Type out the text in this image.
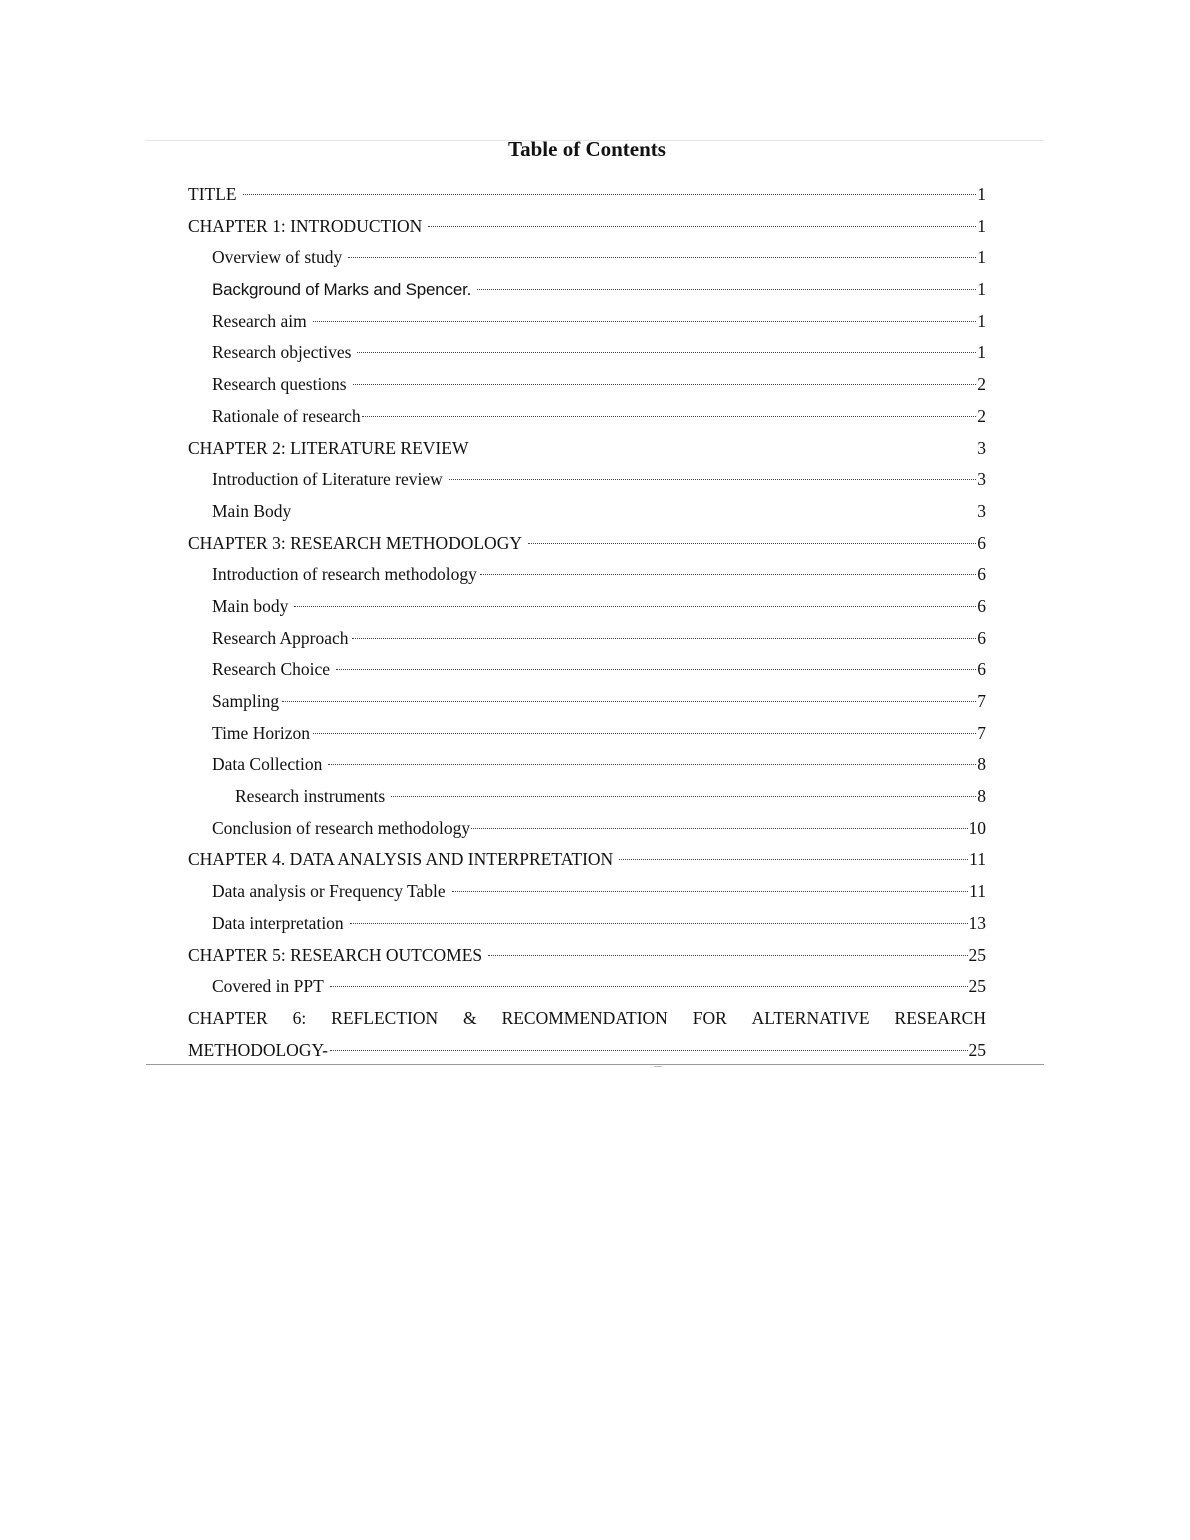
Table of Contents
TITLE	1
CHAPTER 1: INTRODUCTION	1
Overview of study	1
Background of Marks and Spencer.	1
Research aim	1
Research objectives	1
Research questions	2
Rationale of research	2
CHAPTER 2: LITERATURE REVIEW	3
Introduction of Literature review	3
Main Body	3
CHAPTER 3: RESEARCH METHODOLOGY	6
Introduction of research methodology	6
Main body	6
Research Approach	6
Research Choice	6
Sampling	7
Time Horizon	7
Data Collection	8
Research instruments	8
Conclusion of research methodology	10
CHAPTER 4. DATA ANALYSIS AND INTERPRETATION	11
Data analysis or Frequency Table	11
Data interpretation	13
CHAPTER 5: RESEARCH OUTCOMES	25
Covered in PPT	25
CHAPTER 6: REFLECTION & RECOMMENDATION FOR ALTERNATIVE RESEARCH
METHODOLOGY-	25
